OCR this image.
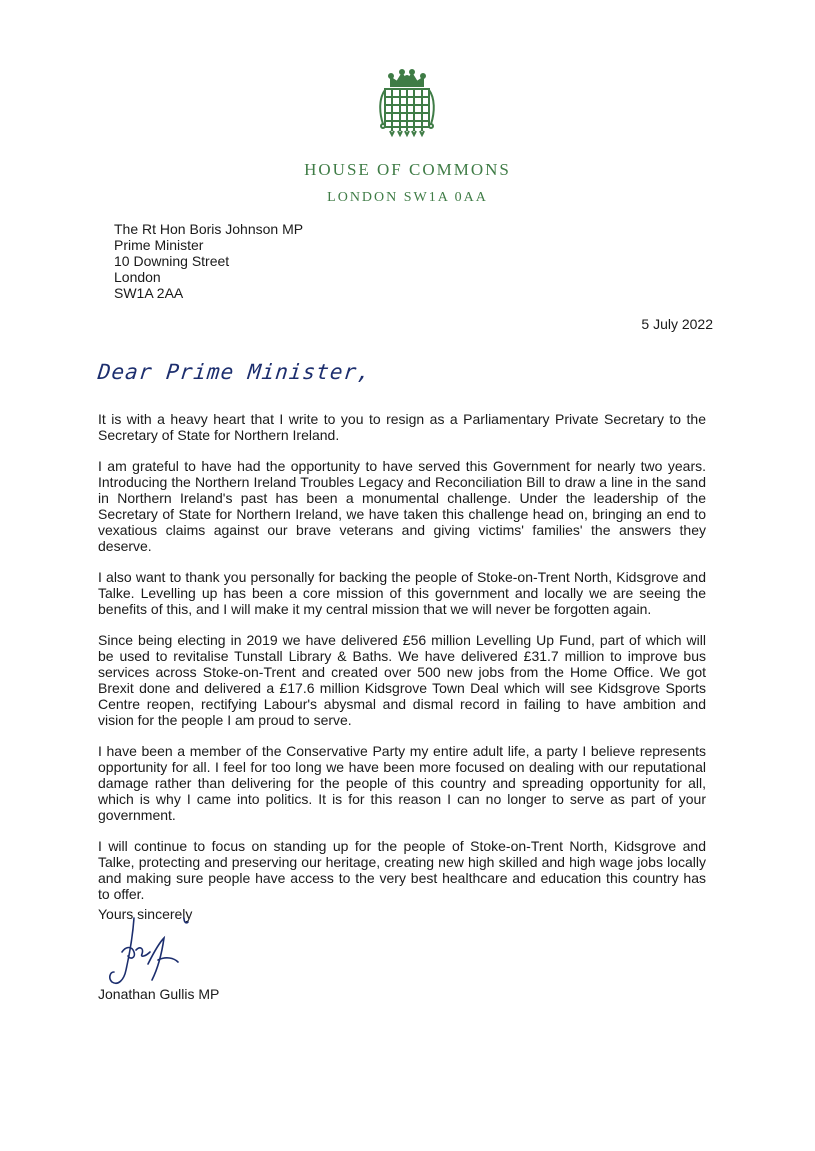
HOUSE OF COMMONS
LONDON SW1A 0AA
The Rt Hon Boris Johnson MP
Prime Minister
10 Downing Street
London
SW1A 2AA
5 July 2022
Dear Prime Minister,

It is with a heavy heart that I write to you to resign as a Parliamentary Private Secretary to the Secretary of State for Northern Ireland.

I am grateful to have had the opportunity to have served this Government for nearly two years. Introducing the Northern Ireland Troubles Legacy and Reconciliation Bill to draw a line in the sand in Northern Ireland's past has been a monumental challenge. Under the leadership of the Secretary of State for Northern Ireland, we have taken this challenge head on, bringing an end to vexatious claims against our brave veterans and giving victims' families' the answers they deserve.

I also want to thank you personally for backing the people of Stoke-on-Trent North, Kidsgrove and Talke. Levelling up has been a core mission of this government and locally we are seeing the benefits of this, and I will make it my central mission that we will never be forgotten again.

Since being electing in 2019 we have delivered £56 million Levelling Up Fund, part of which will be used to revitalise Tunstall Library & Baths. We have delivered £31.7 million to improve bus services across Stoke-on-Trent and created over 500 new jobs from the Home Office. We got Brexit done and delivered a £17.6 million Kidsgrove Town Deal which will see Kidsgrove Sports Centre reopen, rectifying Labour's abysmal and dismal record in failing to have ambition and vision for the people I am proud to serve.

I have been a member of the Conservative Party my entire adult life, a party I believe represents opportunity for all. I feel for too long we have been more focused on dealing with our reputational damage rather than delivering for the people of this country and spreading opportunity for all, which is why I came into politics. It is for this reason I can no longer to serve as part of your government.

I will continue to focus on standing up for the people of Stoke-on-Trent North, Kidsgrove and Talke, protecting and preserving our heritage, creating new high skilled and high wage jobs locally and making sure people have access to the very best healthcare and education this country has to offer.

Yours sincerely
Jonathan Gullis MP
